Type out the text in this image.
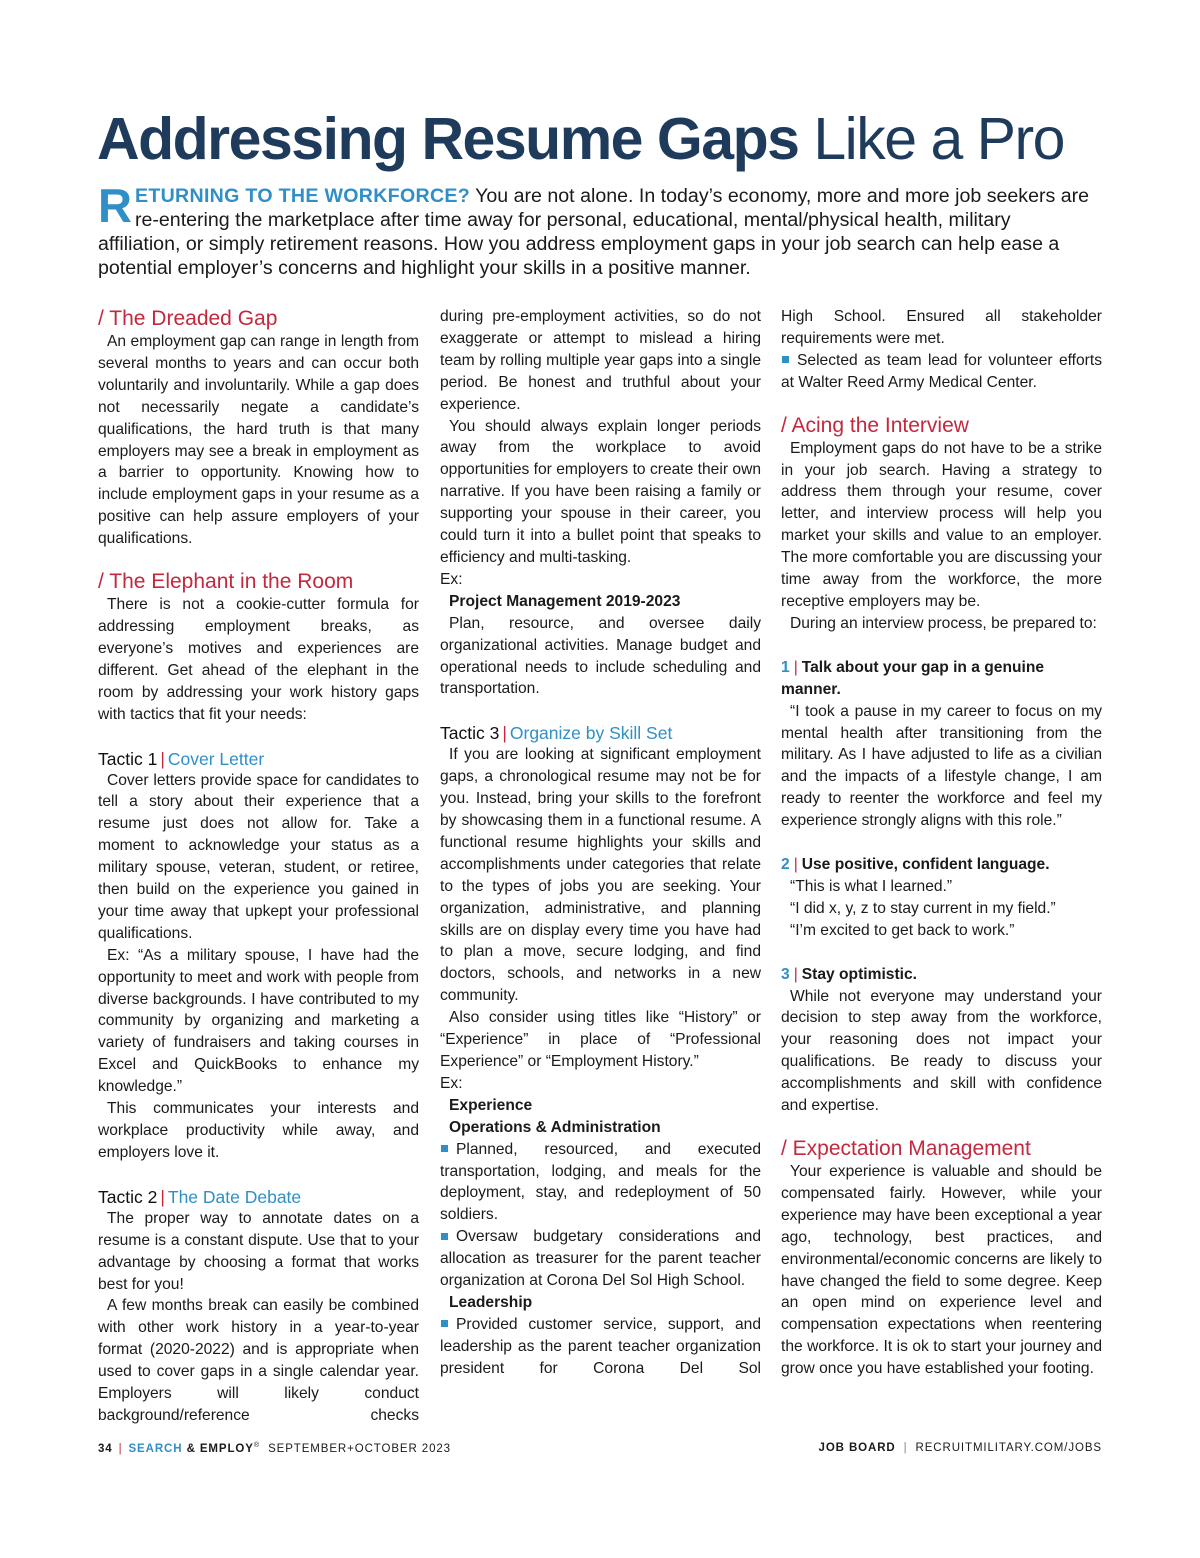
Addressing Resume Gaps Like a Pro
RETURNING TO THE WORKFORCE? You are not alone. In today’s economy, more and more job seekers are re-entering the marketplace after time away for personal, educational, mental/physical health, military affiliation, or simply retirement reasons. How you address employment gaps in your job search can help ease a potential employer’s concerns and highlight your skills in a positive manner.
/ The Dreaded Gap

An employment gap can range in length from several months to years and can occur both voluntarily and involuntarily. While a gap does not necessarily negate a candidate’s qualifications, the hard truth is that many employers may see a break in employment as a barrier to opportunity. Knowing how to include employment gaps in your resume as a positive can help assure employers of your qualifications.

/ The Elephant in the Room

There is not a cookie-cutter formula for addressing employment breaks, as everyone’s motives and experiences are different. Get ahead of the elephant in the room by addressing your work history gaps with tactics that fit your needs:

Tactic 1 | Cover Letter

Cover letters provide space for candidates to tell a story about their experience that a resume just does not allow for. Take a moment to acknowledge your status as a military spouse, veteran, student, or retiree, then build on the experience you gained in your time away that upkept your professional qualifications.

Ex: “As a military spouse, I have had the opportunity to meet and work with people from diverse backgrounds. I have contributed to my community by organizing and marketing a variety of fundraisers and taking courses in Excel and QuickBooks to enhance my knowledge.”

This communicates your interests and workplace productivity while away, and employers love it.

Tactic 2 | The Date Debate

The proper way to annotate dates on a resume is a constant dispute. Use that to your advantage by choosing a format that works best for you!

A few months break can easily be combined with other work history in a year-to-year format (2020-2022) and is appropriate when used to cover gaps in a single calendar year. Employers will likely conduct background/reference checks

during pre-employment activities, so do not exaggerate or attempt to mislead a hiring team by rolling multiple year gaps into a single period. Be honest and truthful about your experience.

You should always explain longer periods away from the workplace to avoid opportunities for employers to create their own narrative. If you have been raising a family or supporting your spouse in their career, you could turn it into a bullet point that speaks to efficiency and multi-tasking.

Ex:

Project Management 2019-2023

Plan, resource, and oversee daily organizational activities. Manage budget and operational needs to include scheduling and transportation.

Tactic 3 | Organize by Skill Set

If you are looking at significant employment gaps, a chronological resume may not be for you. Instead, bring your skills to the forefront by showcasing them in a functional resume. A functional resume highlights your skills and accomplishments under categories that relate to the types of jobs you are seeking. Your organization, administrative, and planning skills are on display every time you have had to plan a move, secure lodging, and find doctors, schools, and networks in a new community.

Also consider using titles like “History” or “Experience” in place of “Professional Experience” or “Employment History.”

Ex:

Experience

Operations & Administration

Planned, resourced, and executed transportation, lodging, and meals for the deployment, stay, and redeployment of 50 soldiers.

Oversaw budgetary considerations and allocation as treasurer for the parent teacher organization at Corona Del Sol High School.

Leadership

Provided customer service, support, and leadership as the parent teacher organization president for Corona Del Sol

High School. Ensured all stakeholder requirements were met.

Selected as team lead for volunteer efforts at Walter Reed Army Medical Center.

/ Acing the Interview

Employment gaps do not have to be a strike in your job search. Having a strategy to address them through your resume, cover letter, and interview process will help you market your skills and value to an employer. The more comfortable you are discussing your time away from the workforce, the more receptive employers may be.

During an interview process, be prepared to:

1 | Talk about your gap in a genuine manner.

“I took a pause in my career to focus on my mental health after transitioning from the military. As I have adjusted to life as a civilian and the impacts of a lifestyle change, I am ready to reenter the workforce and feel my experience strongly aligns with this role.”

2 | Use positive, confident language.

“This is what I learned.”

“I did x, y, z to stay current in my field.”

“I’m excited to get back to work.”

3 | Stay optimistic.

While not everyone may understand your decision to step away from the workforce, your reasoning does not impact your qualifications. Be ready to discuss your accomplishments and skill with confidence and expertise.

/ Expectation Management

Your experience is valuable and should be compensated fairly. However, while your experience may have been exceptional a year ago, technology, best practices, and environmental/economic concerns are likely to have changed the field to some degree. Keep an open mind on experience level and compensation expectations when reentering the workforce. It is ok to start your journey and grow once you have established your footing.

34 | SEARCH & EMPLOY® SEPTEMBER+OCTOBER 2023	JOB BOARD | RECRUITMILITARY.COM/JOBS
